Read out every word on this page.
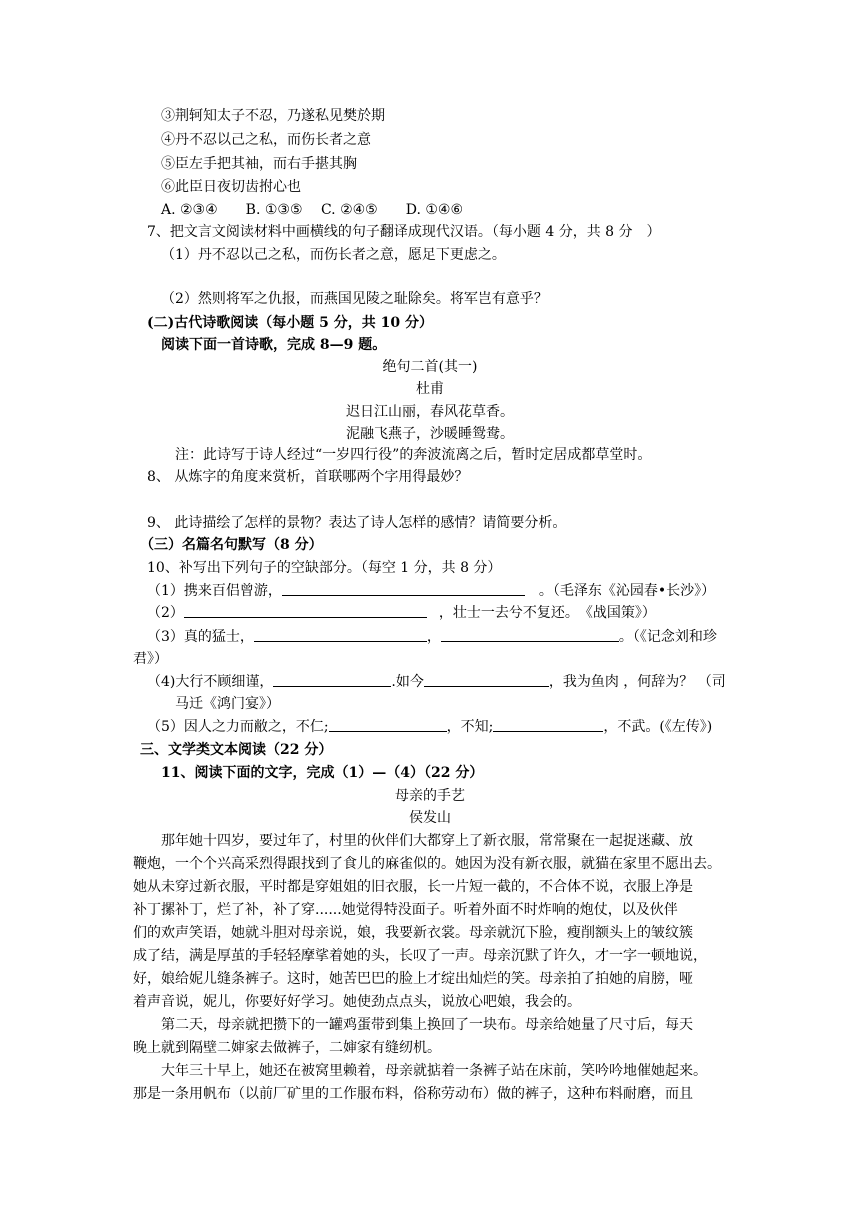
③荆轲知太子不忍，乃遂私见樊於期
④丹不忍以己之私，而伤长者之意
⑤臣左手把其袖，而右手揕其胸
⑥此臣日夜切齿拊心也
A. ②③④　　B. ①③⑤　 C. ②④⑤　　D. ①④⑥
7、把文言文阅读材料中画横线的句子翻译成现代汉语。（每小题 4 分，共 8 分　）
（1）丹不忍以己之私，而伤长者之意，愿足下更虑之。
（2）然则将军之仇报，而燕国见陵之耻除矣。将军岂有意乎？
(二)古代诗歌阅读（每小题 5 分，共 10 分）
阅读下面一首诗歌，完成 8—9 题。
绝句二首(其一)
杜甫
迟日江山丽，春风花草香。
泥融飞燕子，沙暖睡鸳鸯。
注：此诗写于诗人经过“一岁四行役”的奔波流离之后，暂时定居成都草堂时。
8、 从炼字的角度来赏析，首联哪两个字用得最妙？
9、 此诗描绘了怎样的景物？表达了诗人怎样的感情？请简要分析。
（三）名篇名句默写（8 分）
10、补写出下列句子的空缺部分。（每空 1 分，共 8 分）
（1）携来百侣曾游，	。（毛泽东《沁园春•长沙》）
（2）	，壮士一去兮不复还。　《战国策》）
（3）真的猛士，	，	。（《记念刘和珍
君》）
（4)大行不顾细谨，	.如今	，我为鱼肉 ，何辞为？ （司
马迁《鸿门宴》）
（5）因人之力而敝之，不仁;	，不知;	，不武。(《左传》)
三、文学类文本阅读（22 分）
11、阅读下面的文字，完成（1）—（4）（22 分）
母亲的手艺
侯发山
那年她十四岁，要过年了，村里的伙伴们大都穿上了新衣服，常常聚在一起捉迷藏、放
鞭炮，一个个兴高采烈得跟找到了食儿的麻雀似的。她因为没有新衣服，就猫在家里不愿出去。
她从未穿过新衣服，平时都是穿姐姐的旧衣服，长一片短一截的，不合体不说，衣服上净是
补丁摞补丁，烂了补，补了穿......她觉得特没面子。听着外面不时炸响的炮仗，以及伙伴
们的欢声笑语，她就斗胆对母亲说，娘，我要新衣裳。母亲就沉下脸，瘦削额头上的皱纹簇
成了结，满是厚茧的手轻轻摩挲着她的头，长叹了一声。母亲沉默了许久，才一字一顿地说，
好，娘给妮儿缝条裤子。这时，她苦巴巴的脸上才绽出灿烂的笑。母亲拍了拍她的肩膀，哑
着声音说，妮儿，你要好好学习。她使劲点点头，说放心吧娘，我会的。
第二天，母亲就把攒下的一罐鸡蛋带到集上换回了一块布。母亲给她量了尺寸后，每天
晚上就到隔壁二婶家去做裤子，二婶家有缝纫机。
大年三十早上，她还在被窝里赖着，母亲就掂着一条裤子站在床前，笑吟吟地催她起来。
那是一条用帆布（以前厂矿里的工作服布料，俗称劳动布）做的裤子，这种布料耐磨，而且
